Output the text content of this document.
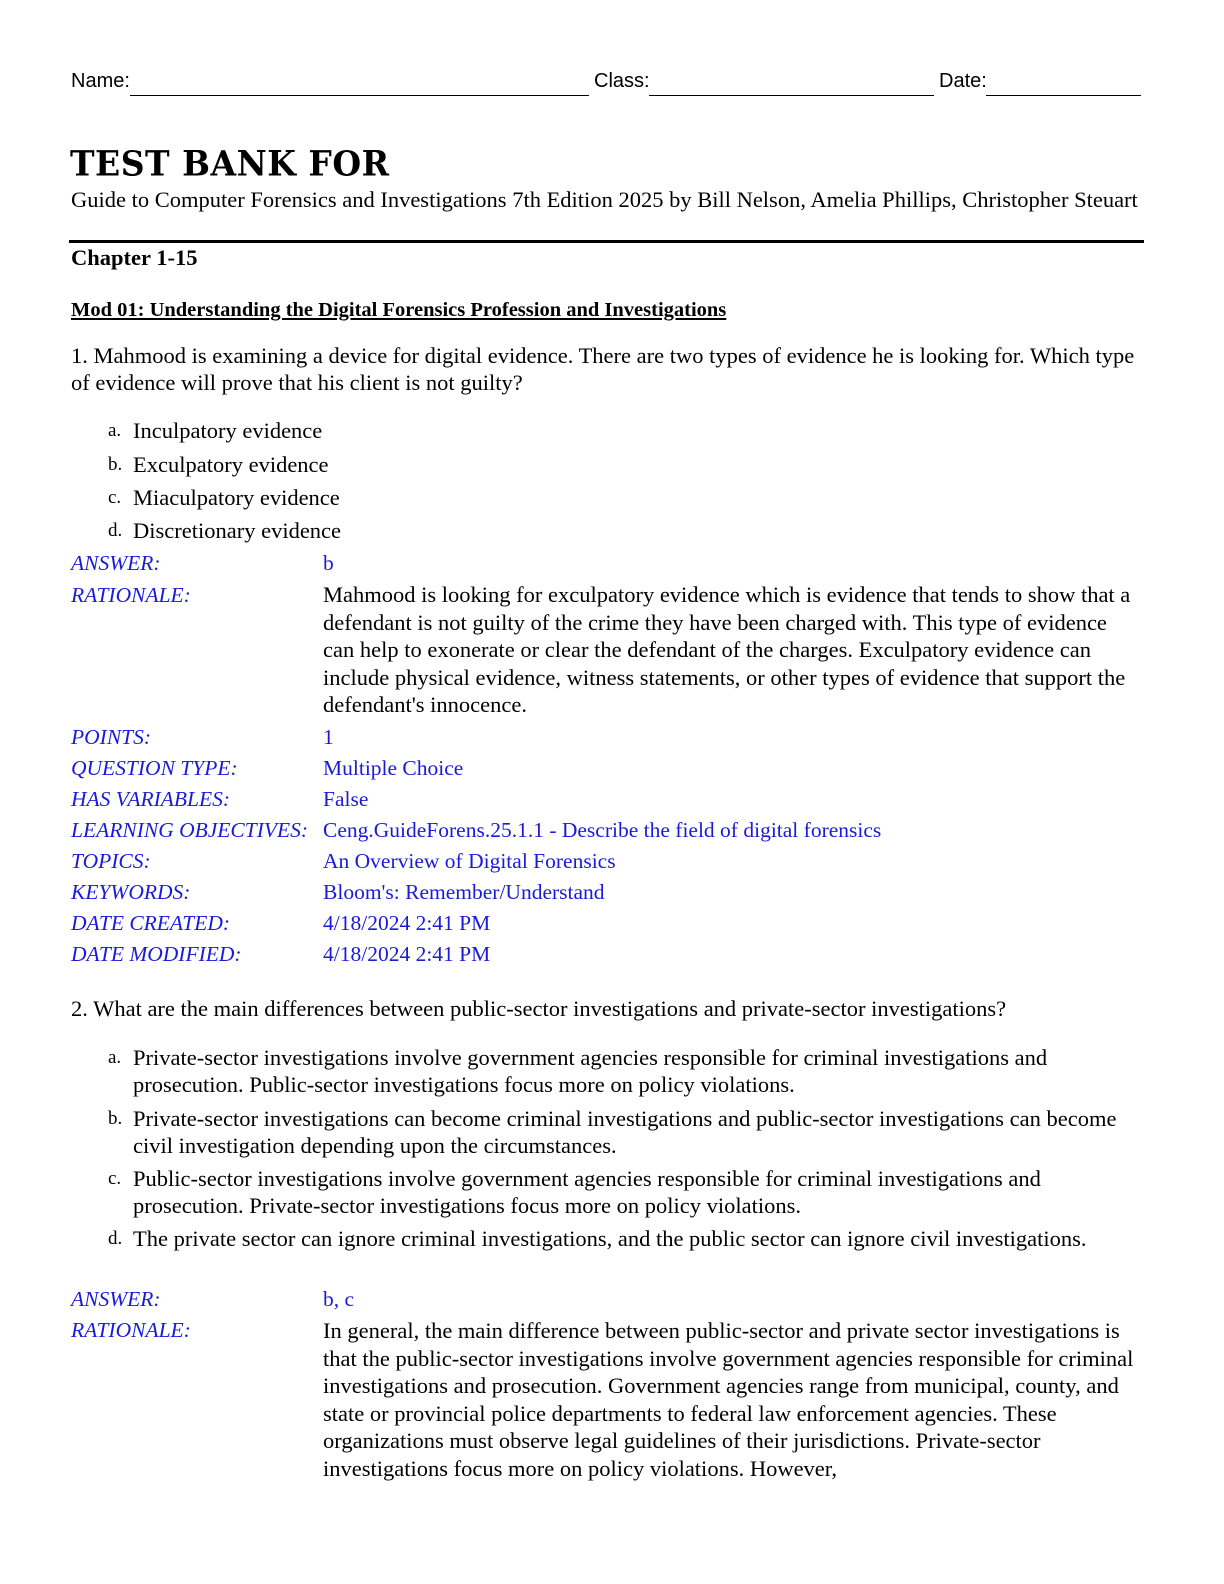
Name:	Class:	Date:
TEST BANK FOR
Guide to Computer Forensics and Investigations 7th Edition 2025 by Bill Nelson, Amelia Phillips, Christopher Steuart
Chapter 1-15
Mod 01: Understanding the Digital Forensics Profession and Investigations
1. Mahmood is examining a device for digital evidence. There are two types of evidence he is looking for. Which type of evidence will prove that his client is not guilty?
a. Inculpatory evidence
b. Exculpatory evidence
c. Miaculpatory evidence
d. Discretionary evidence
ANSWER:	b
RATIONALE:	Mahmood is looking for exculpatory evidence which is evidence that tends to show that a defendant is not guilty of the crime they have been charged with. This type of evidence can help to exonerate or clear the defendant of the charges. Exculpatory evidence can include physical evidence, witness statements, or other types of evidence that support the defendant's innocence.
POINTS:	1
QUESTION TYPE:	Multiple Choice
HAS VARIABLES:	False
LEARNING OBJECTIVES: Ceng.GuideForens.25.1.1 - Describe the field of digital forensics
TOPICS:	An Overview of Digital Forensics
KEYWORDS:	Bloom's: Remember/Understand
DATE CREATED:	4/18/2024 2:41 PM
DATE MODIFIED:	4/18/2024 2:41 PM
2. What are the main differences between public-sector investigations and private-sector investigations?
a. Private-sector investigations involve government agencies responsible for criminal investigations and prosecution. Public-sector investigations focus more on policy violations.
b. Private-sector investigations can become criminal investigations and public-sector investigations can become civil investigation depending upon the circumstances.
c. Public-sector investigations involve government agencies responsible for criminal investigations and prosecution. Private-sector investigations focus more on policy violations.
d. The private sector can ignore criminal investigations, and the public sector can ignore civil investigations.
ANSWER:	b, c
RATIONALE:	In general, the main difference between public-sector and private sector investigations is that the public-sector investigations involve government agencies responsible for criminal investigations and prosecution. Government agencies range from municipal, county, and state or provincial police departments to federal law enforcement agencies. These organizations must observe legal guidelines of their jurisdictions. Private-sector investigations focus more on policy violations. However,
